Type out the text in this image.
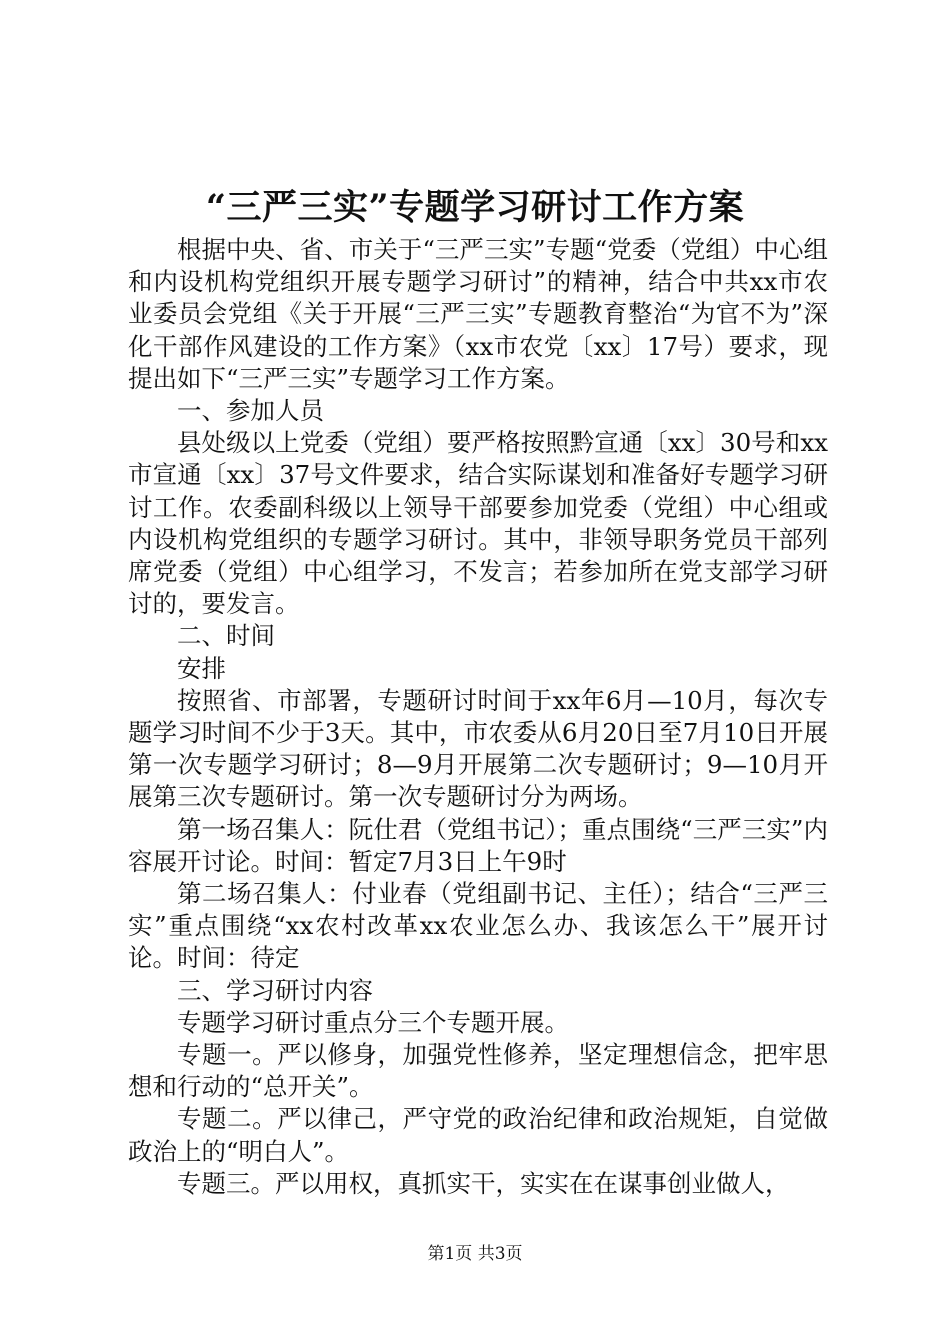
“三严三实”专题学习研讨工作方案

根据中央、省、市关于“三严三实”专题“党委（党组）中心组和内设机构党组织开展专题学习研讨”的精神，结合中共xx市农业委员会党组《关于开展“三严三实”专题教育整治“为官不为”深化干部作风建设的工作方案》（xx市农党〔xx〕17号）要求，现提出如下“三严三实”专题学习工作方案。

一、参加人员

县处级以上党委（党组）要严格按照黔宣通〔xx〕30号和xx市宣通〔xx〕37号文件要求，结合实际谋划和准备好专题学习研讨工作。农委副科级以上领导干部要参加党委（党组）中心组或内设机构党组织的专题学习研讨。其中，非领导职务党员干部列席党委（党组）中心组学习，不发言；若参加所在党支部学习研讨的，要发言。

二、时间

安排

按照省、市部署，专题研讨时间于xx年6月—10月，每次专题学习时间不少于3天。其中，市农委从6月20日至7月10日开展第一次专题学习研讨；8—9月开展第二次专题研讨；9—10月开展第三次专题研讨。第一次专题研讨分为两场。

第一场召集人：阮仕君（党组书记）；重点围绕“三严三实”内容展开讨论。时间：暂定7月3日上午9时

第二场召集人：付业春（党组副书记、主任）；结合“三严三实”重点围绕“xx农村改革xx农业怎么办、我该怎么干”展开讨论。时间：待定

三、学习研讨内容

专题学习研讨重点分三个专题开展。

专题一。严以修身，加强党性修养，坚定理想信念，把牢思想和行动的“总开关”。

专题二。严以律己，严守党的政治纪律和政治规矩，自觉做政治上的“明白人”。

专题三。严以用权，真抓实干，实实在在谋事创业做人，

第1页 共3页
